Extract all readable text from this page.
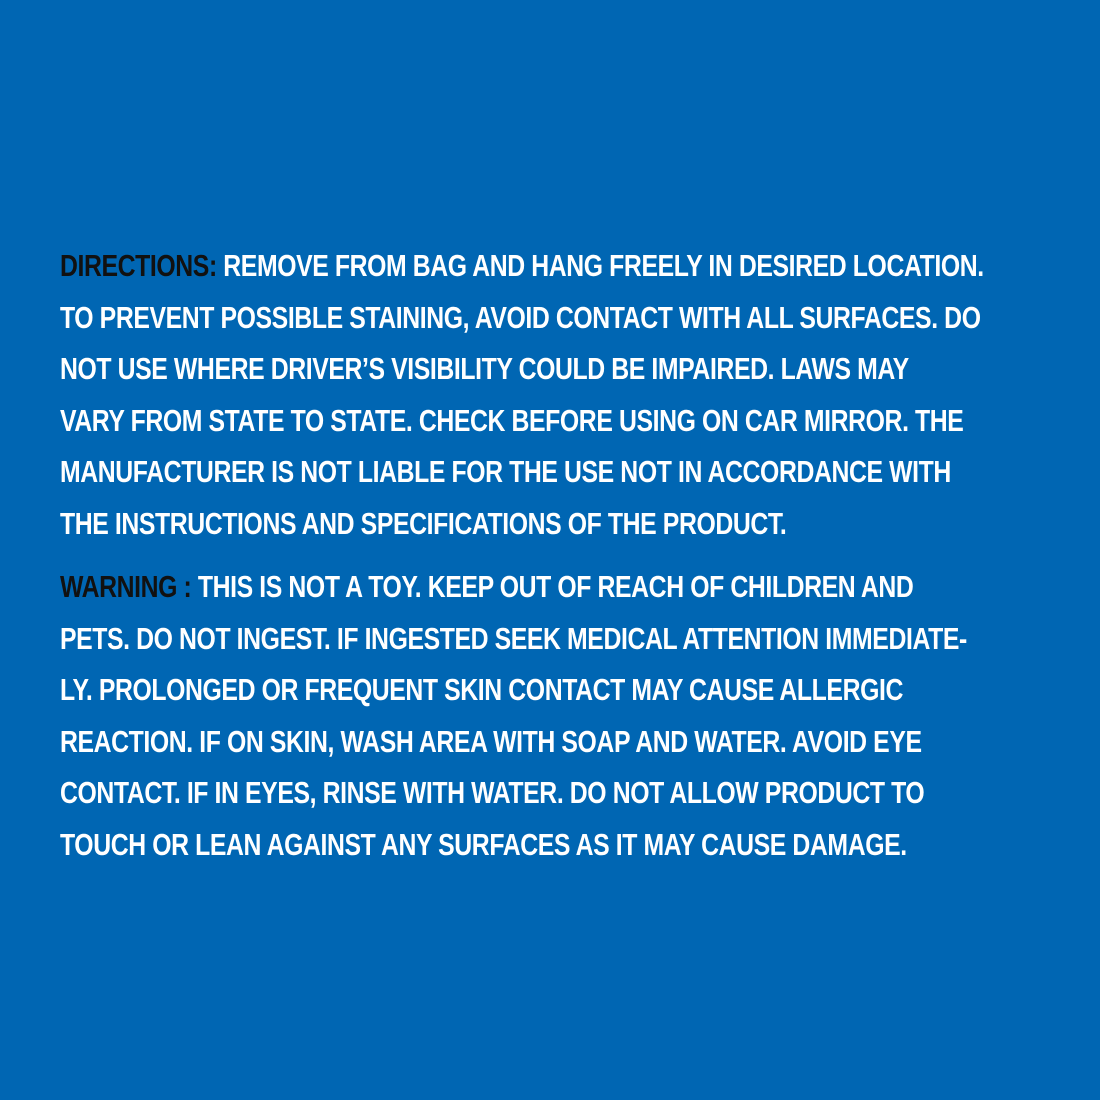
DIRECTIONS: REMOVE FROM BAG AND HANG FREELY IN DESIRED LOCATION.
TO PREVENT POSSIBLE STAINING, AVOID CONTACT WITH ALL SURFACES. DO
NOT USE WHERE DRIVER’S VISIBILITY COULD BE IMPAIRED. LAWS MAY
VARY FROM STATE TO STATE. CHECK BEFORE USING ON CAR MIRROR. THE
MANUFACTURER IS NOT LIABLE FOR THE USE NOT IN ACCORDANCE WITH
THE INSTRUCTIONS AND SPECIFICATIONS OF THE PRODUCT.

WARNING : THIS IS NOT A TOY. KEEP OUT OF REACH OF CHILDREN AND
PETS. DO NOT INGEST. IF INGESTED SEEK MEDICAL ATTENTION IMMEDIATE-
LY. PROLONGED OR FREQUENT SKIN CONTACT MAY CAUSE ALLERGIC
REACTION. IF ON SKIN, WASH AREA WITH SOAP AND WATER. AVOID EYE
CONTACT. IF IN EYES, RINSE WITH WATER. DO NOT ALLOW PRODUCT TO
TOUCH OR LEAN AGAINST ANY SURFACES AS IT MAY CAUSE DAMAGE.
